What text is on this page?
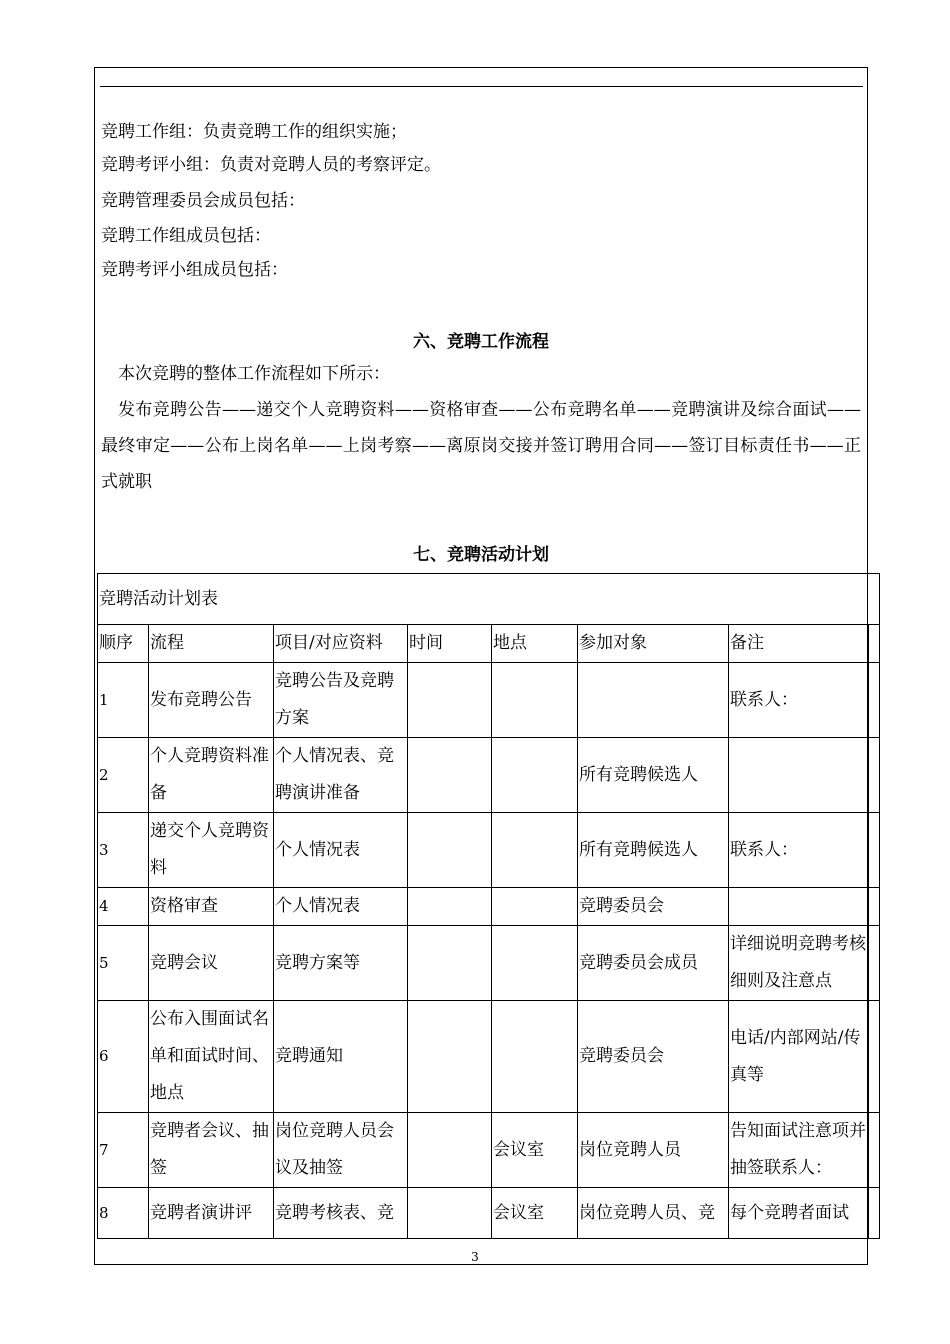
竞聘工作组：负责竞聘工作的组织实施；
竞聘考评小组：负责对竞聘人员的考察评定。
竞聘管理委员会成员包括：
竞聘工作组成员包括：
竞聘考评小组成员包括：
六、竞聘工作流程
本次竞聘的整体工作流程如下所示：
发布竞聘公告——递交个人竞聘资料——资格审查——公布竞聘名单——竞聘演讲及综合面试——最终审定——公布上岗名单——上岗考察——离原岗交接并签订聘用合同——签订目标责任书——正式就职
七、竞聘活动计划
竞聘活动计划表							
顺序	流程	项目/对应资料	时间	地点	参加对象	备注	
1	发布竞聘公告	竞聘公告及竞聘方案				联系人：	
2	个人竞聘资料准备	个人情况表、竞聘演讲准备			所有竞聘候选人		
3	递交个人竞聘资料	个人情况表			所有竞聘候选人	联系人：	
4	资格审查	个人情况表			竞聘委员会		
5	竞聘会议	竞聘方案等			竞聘委员会成员	详细说明竞聘考核细则及注意点	
6	公布入围面试名单和面试时间、地点	竞聘通知			竞聘委员会	电话/内部网站/传真等	
7	竞聘者会议、抽签	岗位竞聘人员会议及抽签		会议室	岗位竞聘人员	告知面试注意项并抽签联系人：	
8	竞聘者演讲评	竞聘考核表、竞		会议室	岗位竞聘人员、竞	每个竞聘者面试	
3
